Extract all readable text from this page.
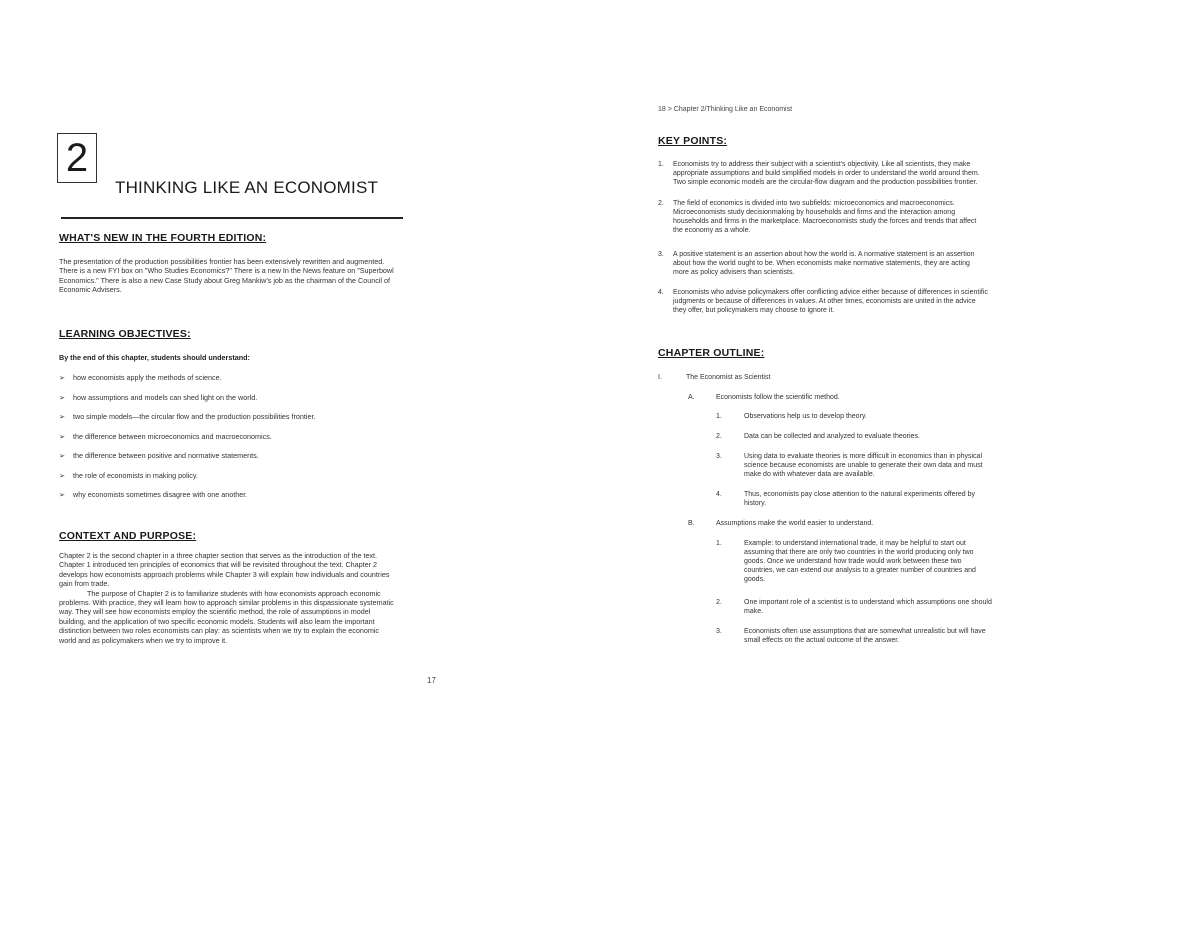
2
THINKING LIKE AN ECONOMIST
WHAT'S NEW IN THE FOURTH EDITION:
The presentation of the production possibilities frontier has been extensively rewritten and augmented.
There is a new FYI box on "Who Studies Economics?" There is a new In the News feature on "Superbowl
Economics." There is also a new Case Study about Greg Mankiw's job as the chairman of the Council of
Economic Advisers.
LEARNING OBJECTIVES:
By the end of this chapter, students should understand:
➢ how economists apply the methods of science.
➢ how assumptions and models can shed light on the world.
➢ two simple models—the circular flow and the production possibilities frontier.
➢ the difference between microeconomics and macroeconomics.
➢ the difference between positive and normative statements.
➢ the role of economists in making policy.
➢ why economists sometimes disagree with one another.
CONTEXT AND PURPOSE:
Chapter 2 is the second chapter in a three chapter section that serves as the introduction of the text.
Chapter 1 introduced ten principles of economics that will be revisited throughout the text. Chapter 2
develops how economists approach problems while Chapter 3 will explain how individuals and countries
gain from trade.
The purpose of Chapter 2 is to familiarize students with how economists approach economic
problems. With practice, they will learn how to approach similar problems in this dispassionate systematic
way. They will see how economists employ the scientific method, the role of assumptions in model
building, and the application of two specific economic models. Students will also learn the important
distinction between two roles economists can play: as scientists when we try to explain the economic
world and as policymakers when we try to improve it.
17
18 > Chapter 2/Thinking Like an Economist
KEY POINTS:
1. Economists try to address their subject with a scientist's objectivity. Like all scientists, they make
appropriate assumptions and build simplified models in order to understand the world around them.
Two simple economic models are the circular-flow diagram and the production possibilities frontier.
2. The field of economics is divided into two subfields: microeconomics and macroeconomics.
Microeconomists study decisionmaking by households and firms and the interaction among
households and firms in the marketplace. Macroeconomists study the forces and trends that affect
the economy as a whole.
3. A positive statement is an assertion about how the world is. A normative statement is an assertion
about how the world ought to be. When economists make normative statements, they are acting
more as policy advisers than scientists.
4. Economists who advise policymakers offer conflicting advice either because of differences in scientific
judgments or because of differences in values. At other times, economists are united in the advice
they offer, but policymakers may choose to ignore it.
CHAPTER OUTLINE:
I.	The Economist as Scientist
A.	Economists follow the scientific method.
1.	Observations help us to develop theory.
2.	Data can be collected and analyzed to evaluate theories.
3.	Using data to evaluate theories is more difficult in economics than in physical
science because economists are unable to generate their own data and must
make do with whatever data are available.
4.	Thus, economists pay close attention to the natural experiments offered by
history.
B.	Assumptions make the world easier to understand.
1.	Example: to understand international trade, it may be helpful to start out
assuming that there are only two countries in the world producing only two
goods. Once we understand how trade would work between these two
countries, we can extend our analysis to a greater number of countries and
goods.
2.	One important role of a scientist is to understand which assumptions one should
make.
3.	Economists often use assumptions that are somewhat unrealistic but will have
small effects on the actual outcome of the answer.
